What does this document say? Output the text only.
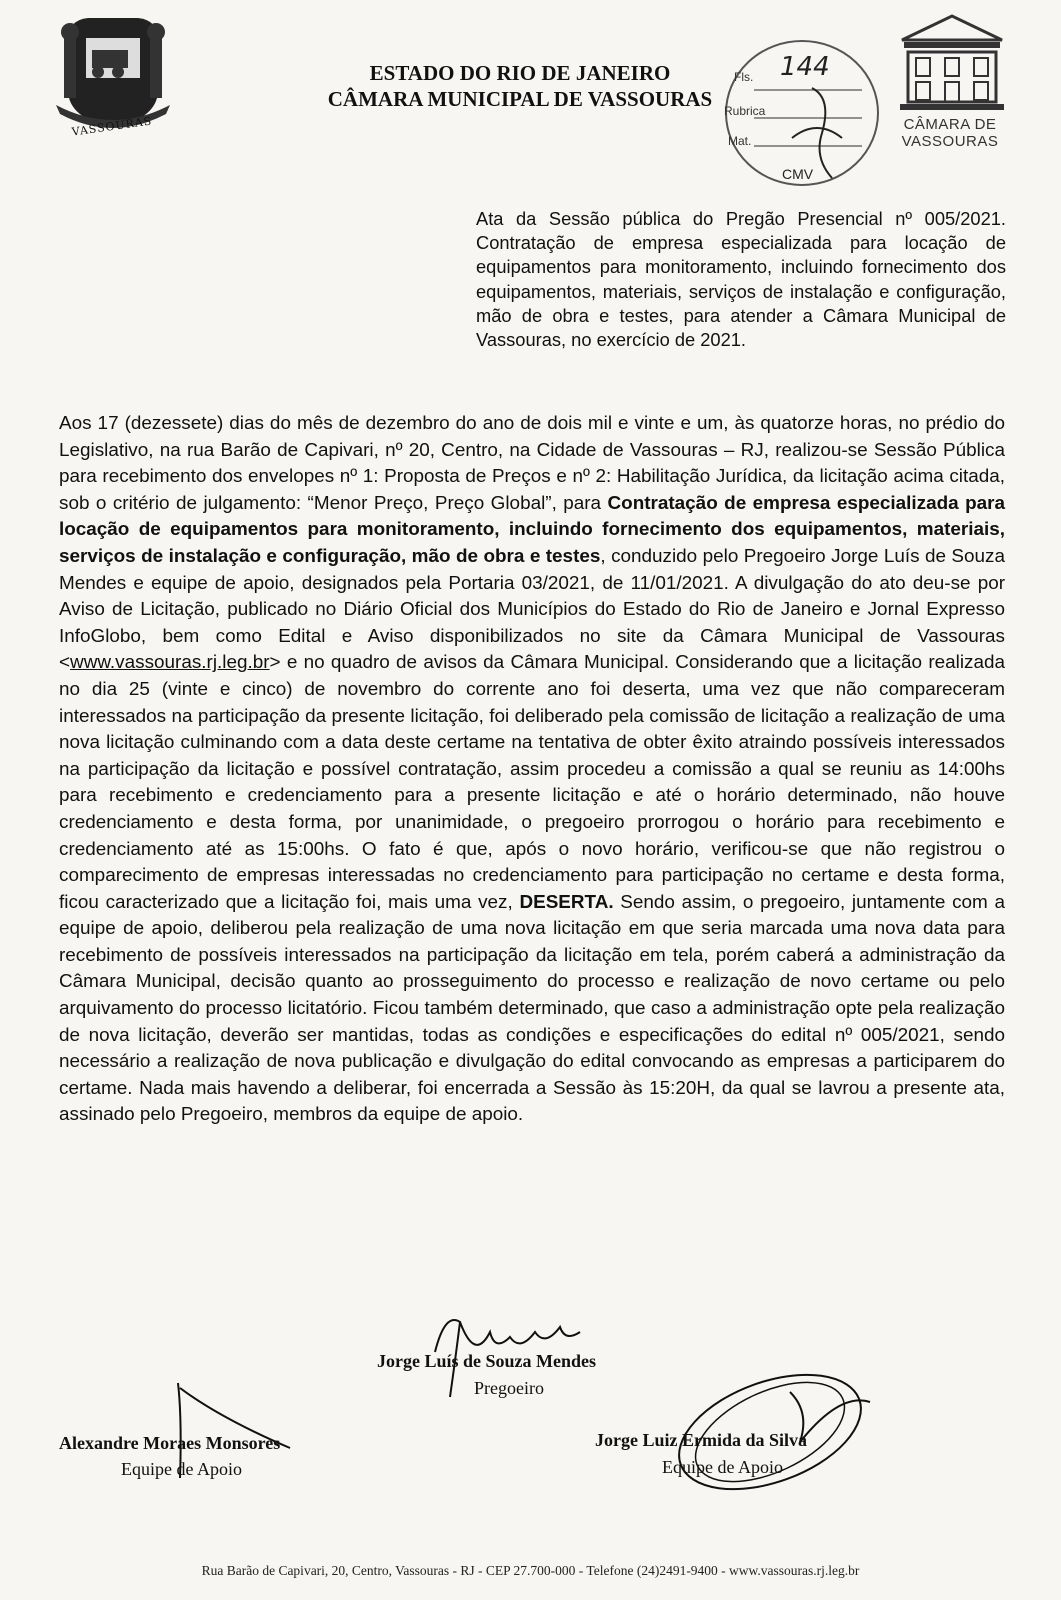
VASSOURAS
ESTADO DO RIO DE JANEIRO
CÂMARA MUNICIPAL DE VASSOURAS
Fls. 144
Rubrica
Mat.
CMV
CÂMARA DE
VASSOURAS
Ata da Sessão pública do Pregão Presencial nº 005/2021. Contratação de empresa especializada para locação de equipamentos para monitoramento, incluindo fornecimento dos equipamentos, materiais, serviços de instalação e configuração, mão de obra e testes, para atender a Câmara Municipal de Vassouras, no exercício de 2021.
Aos 17 (dezessete) dias do mês de dezembro do ano de dois mil e vinte e um, às quatorze horas, no prédio do Legislativo, na rua Barão de Capivari, nº 20, Centro, na Cidade de Vassouras – RJ, realizou-se Sessão Pública para recebimento dos envelopes nº 1: Proposta de Preços e nº 2: Habilitação Jurídica, da licitação acima citada, sob o critério de julgamento: “Menor Preço, Preço Global”, para Contratação de empresa especializada para locação de equipamentos para monitoramento, incluindo fornecimento dos equipamentos, materiais, serviços de instalação e configuração, mão de obra e testes, conduzido pelo Pregoeiro Jorge Luís de Souza Mendes e equipe de apoio, designados pela Portaria 03/2021, de 11/01/2021. A divulgação do ato deu-se por Aviso de Licitação, publicado no Diário Oficial dos Municípios do Estado do Rio de Janeiro e Jornal Expresso InfoGlobo, bem como Edital e Aviso disponibilizados no site da Câmara Municipal de Vassouras <www.vassouras.rj.leg.br> e no quadro de avisos da Câmara Municipal. Considerando que a licitação realizada no dia 25 (vinte e cinco) de novembro do corrente ano foi deserta, uma vez que não compareceram interessados na participação da presente licitação, foi deliberado pela comissão de licitação a realização de uma nova licitação culminando com a data deste certame na tentativa de obter êxito atraindo possíveis interessados na participação da licitação e possível contratação, assim procedeu a comissão a qual se reuniu as 14:00hs para recebimento e credenciamento para a presente licitação e até o horário determinado, não houve credenciamento e desta forma, por unanimidade, o pregoeiro prorrogou o horário para recebimento e credenciamento até as 15:00hs. O fato é que, após o novo horário, verificou-se que não registrou o comparecimento de empresas interessadas no credenciamento para participação no certame e desta forma, ficou caracterizado que a licitação foi, mais uma vez, DESERTA. Sendo assim, o pregoeiro, juntamente com a equipe de apoio, deliberou pela realização de uma nova licitação em que seria marcada uma nova data para recebimento de possíveis interessados na participação da licitação em tela, porém caberá a administração da Câmara Municipal, decisão quanto ao prosseguimento do processo e realização de novo certame ou pelo arquivamento do processo licitatório. Ficou também determinado, que caso a administração opte pela realização de nova licitação, deverão ser mantidas, todas as condições e especificações do edital nº 005/2021, sendo necessário a realização de nova publicação e divulgação do edital convocando as empresas a participarem do certame. Nada mais havendo a deliberar, foi encerrada a Sessão às 15:20H, da qual se lavrou a presente ata, assinado pelo Pregoeiro, membros da equipe de apoio.
Jorge Luís de Souza Mendes
Pregoeiro
Alexandre Moraes Monsores
Equipe de Apoio
Jorge Luiz Ermida da Silva
Equipe de Apoio
Rua Barão de Capivari, 20, Centro, Vassouras - RJ - CEP 27.700-000 - Telefone (24)2491-9400 - www.vassouras.rj.leg.br
